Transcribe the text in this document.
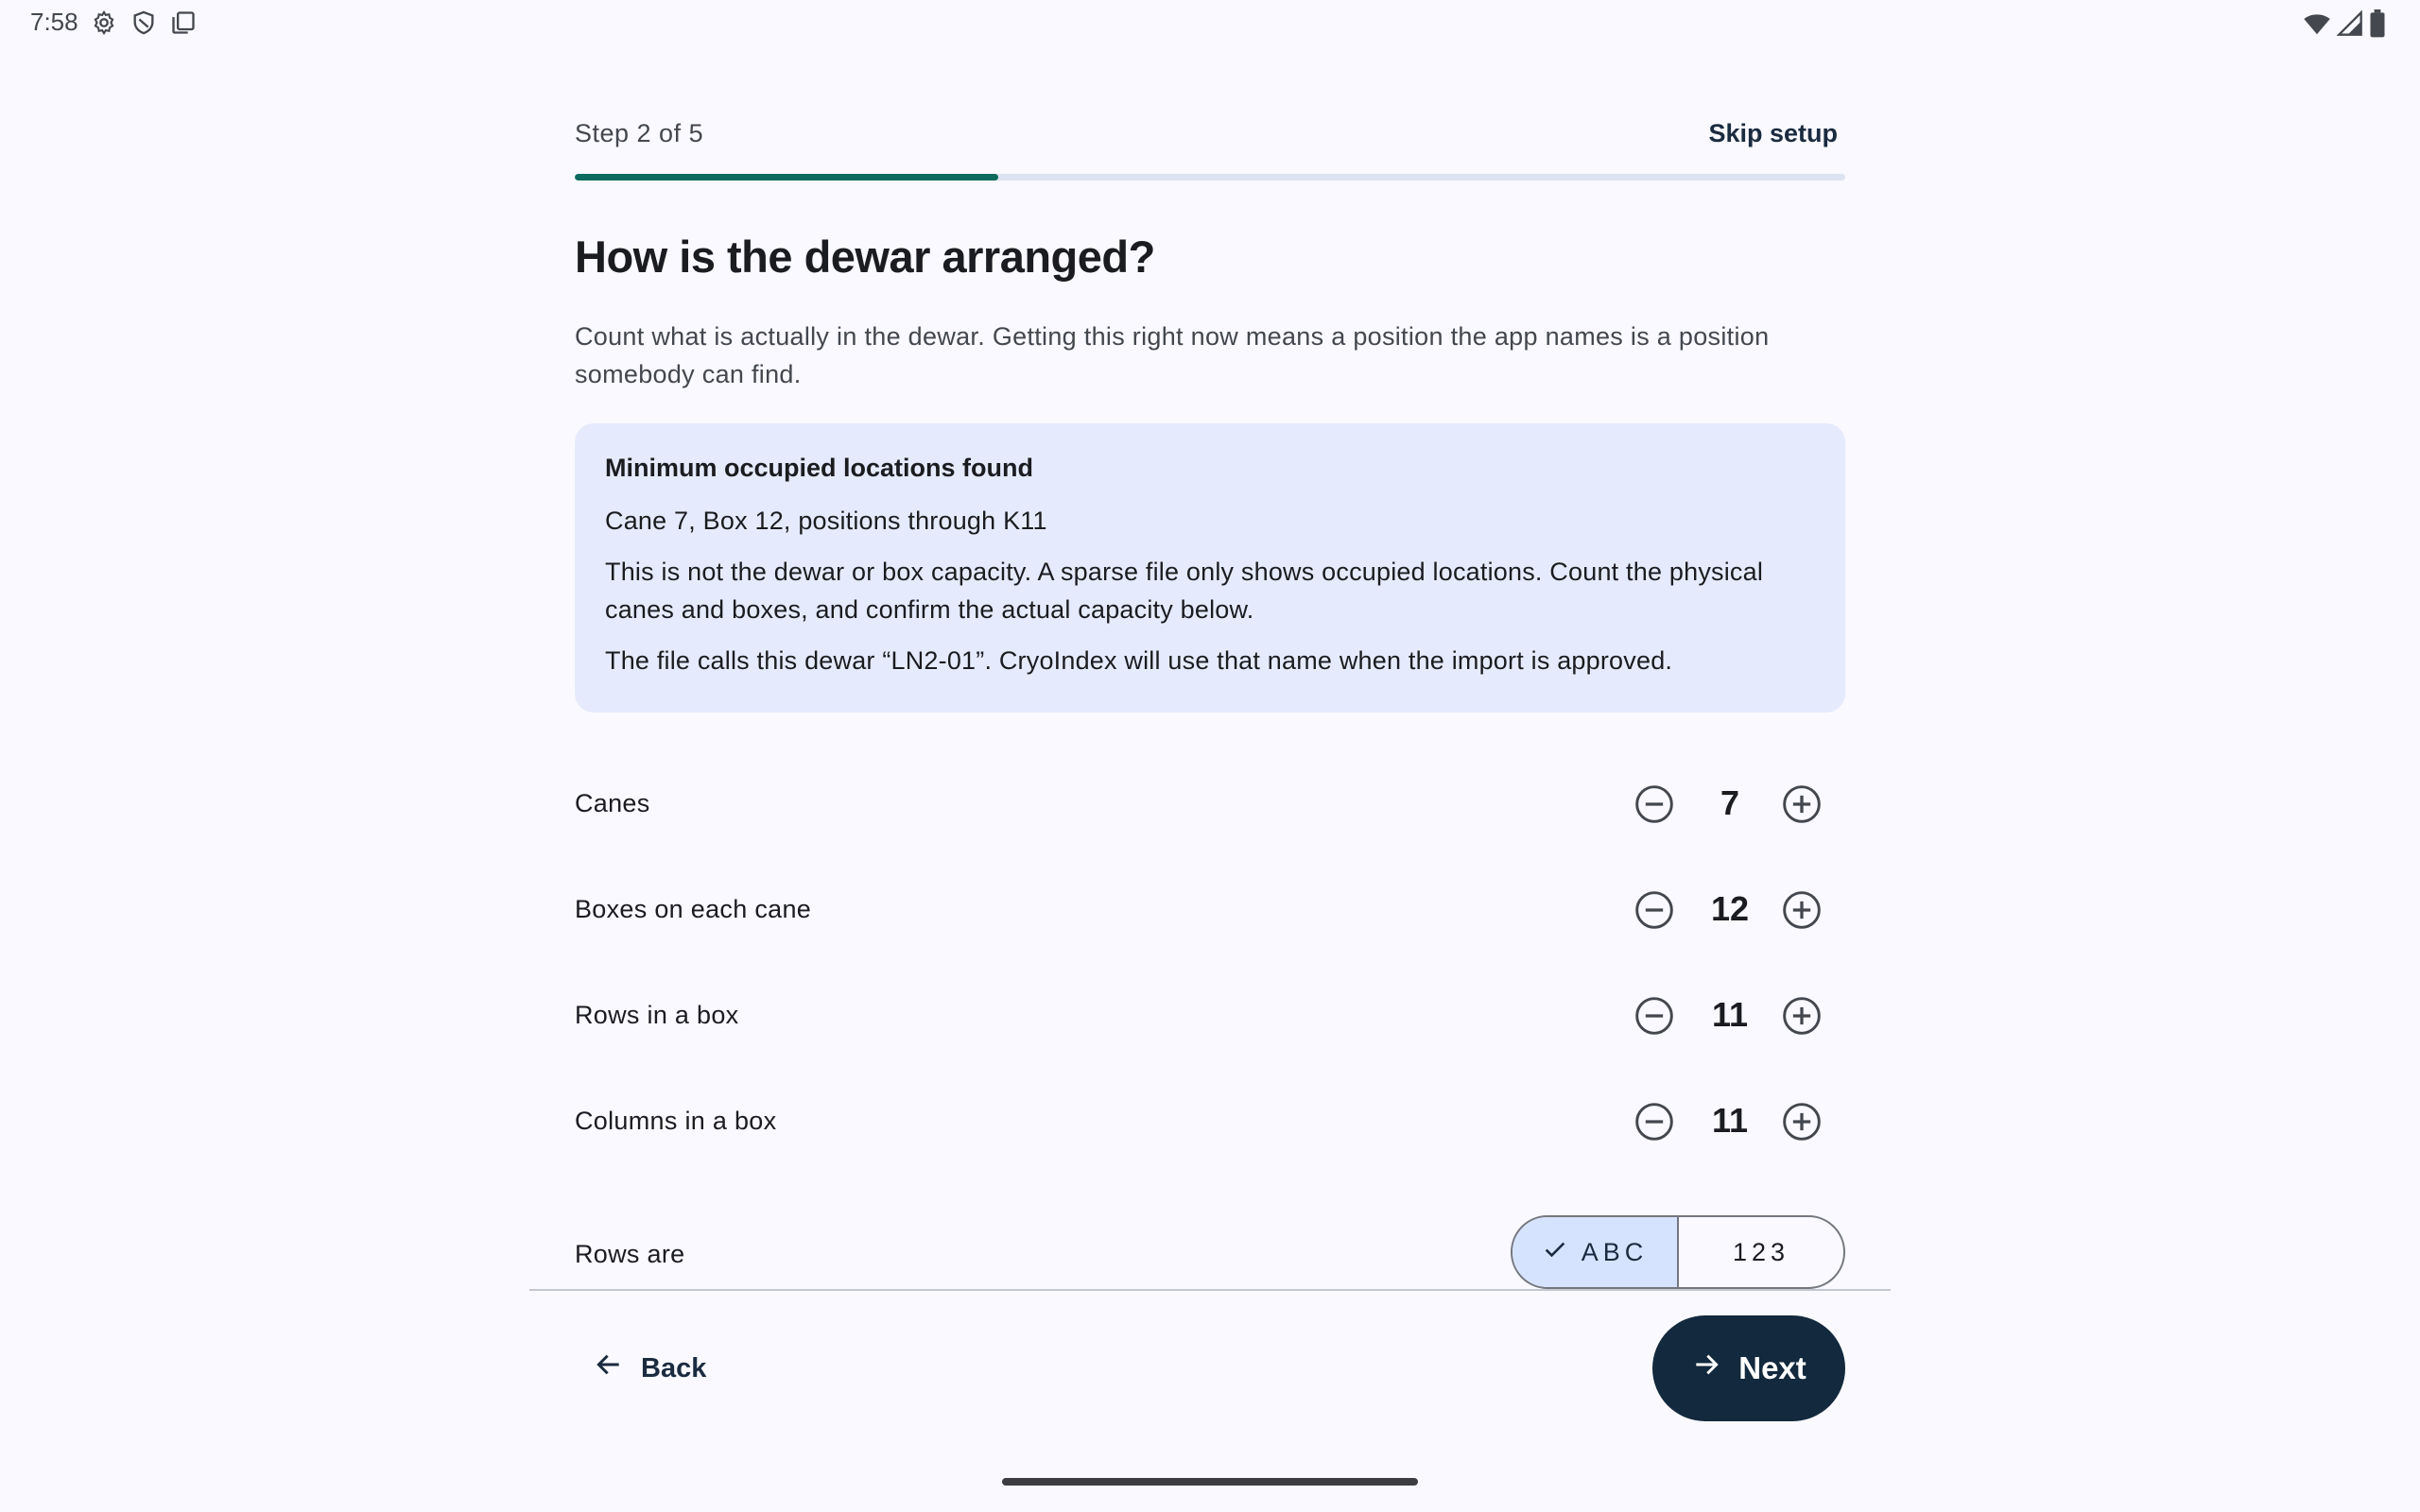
7:58
Step 2 of 5	Skip setup
How is the dewar arranged?
Count what is actually in the dewar. Getting this right now means a position the app names is a position somebody can find.
Minimum occupied locations found
Cane 7, Box 12, positions through K11
This is not the dewar or box capacity. A sparse file only shows occupied locations. Count the physical canes and boxes, and confirm the actual capacity below.
The file calls this dewar “LN2-01”. CryoIndex will use that name when the import is approved.
Canes	7
Boxes on each cane	12
Rows in a box	11
Columns in a box	11
Rows are	ABC	123
Back	Next
